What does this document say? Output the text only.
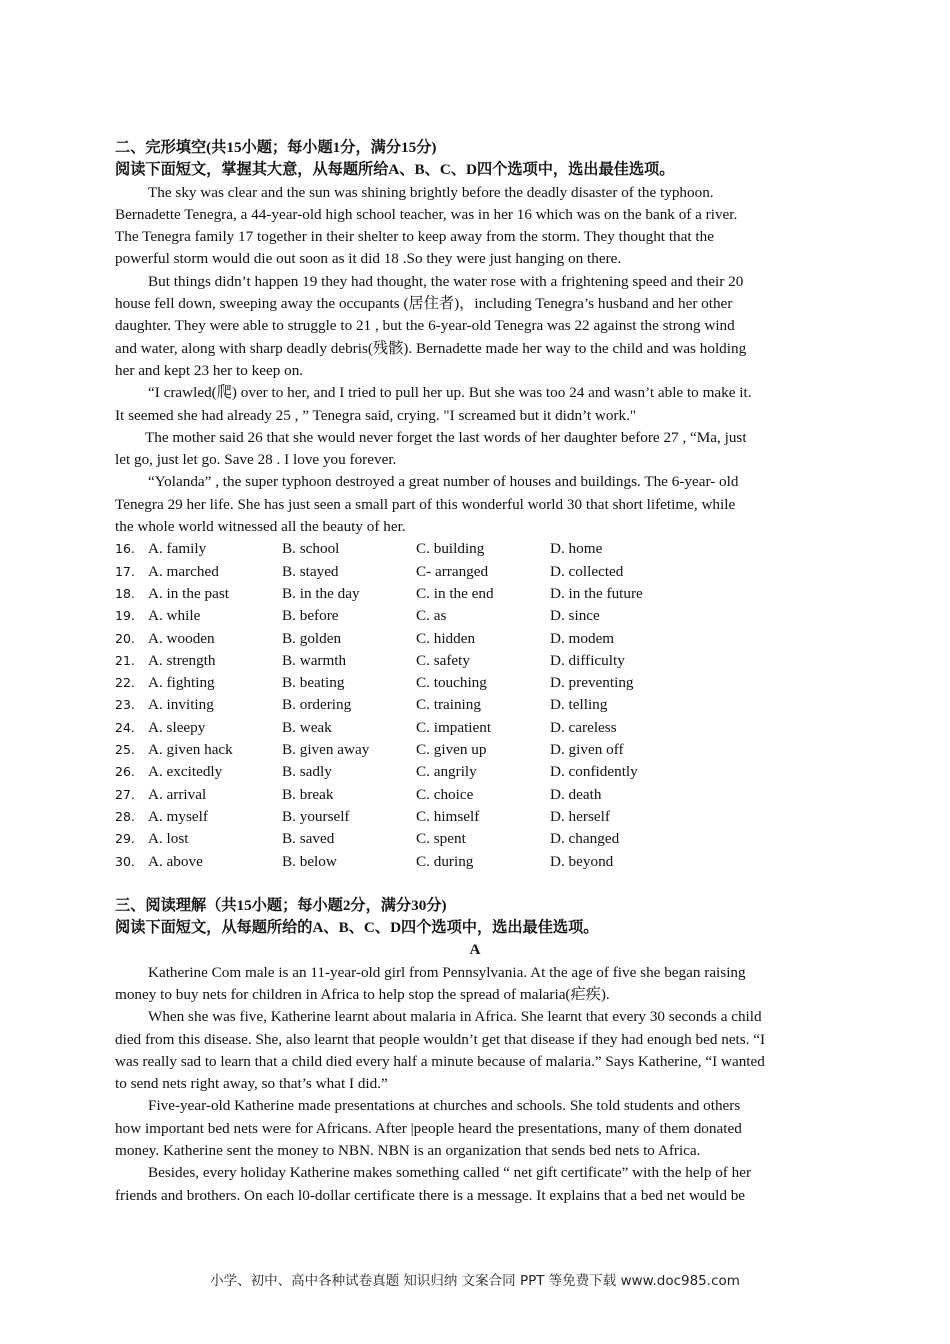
二、完形填空(共15小题；每小题1分，满分15分)
阅读下面短文，掌握其大意，从每题所给A、B、C、D四个选项中，选出最佳选项。
The sky was clear and the sun was shining brightly before the deadly disaster of the typhoon.
Bernadette Tenegra, a 44-year-old high school teacher, was in her 16 which was on the bank of a river.
The Tenegra family 17 together in their shelter to keep away from the storm. They thought that the
powerful storm would die out soon as it did 18 .So they were just hanging on there.
But things didn’t happen 19 they had thought, the water rose with a frightening speed and their 20
house fell down, sweeping away the occupants (居住者)，including Tenegra’s husband and her other
daughter. They were able to struggle to 21 , but the 6-year-old Tenegra was 22 against the strong wind
and water, along with sharp deadly debris(残骸). Bernadette made her way to the child and was holding
her and kept 23 her to keep on.
“I crawled(爬) over to her, and I tried to pull her up. But she was too 24 and wasn’t able to make it.
It seemed she had already 25 , ” Tenegra said, crying. "I screamed but it didn’t work."
The mother said 26 that she would never forget the last words of her daughter before 27 , “Ma, just
let go, just let go. Save 28 . I love you forever.
“Yolanda” , the super typhoon destroyed a great number of houses and buildings. The 6-year- old
Tenegra 29 her life. She has just seen a small part of this wonderful world 30 that short lifetime, while
the whole world witnessed all the beauty of her.
16. A. family	B. school	C. building	D. home
17. A. marched	B. stayed	C- arranged	D. collected
18. A. in the past	B. in the day	C. in the end	D. in the future
19. A. while	B. before	C. as	D. since
20. A. wooden	B. golden	C. hidden	D. modem
21. A. strength	B. warmth	C. safety	D. difficulty
22. A. fighting	B. beating	C. touching	D. preventing
23. A. inviting	B. ordering	C. training	D. telling
24. A. sleepy	B. weak	C. impatient	D. careless
25. A. given hack	B. given away	C. given up	D. given off
26. A. excitedly	B. sadly	C. angrily	D. confidently
27. A. arrival	B. break	C. choice	D. death
28. A. myself	B. yourself	C. himself	D. herself
29. A. lost	B. saved	C. spent	D. changed
30. A. above	B. below	C. during	D. beyond
三、阅读理解（共15小题；每小题2分，满分30分)
阅读下面短文，从每题所给的A、B、C、D四个选项中，选出最佳选项。
A
Katherine Com male is an 11-year-old girl from Pennsylvania. At the age of five she began raising
money to buy nets for children in Africa to help stop the spread of malaria(疟疾).
When she was five, Katherine learnt about malaria in Africa. She learnt that every 30 seconds a child
died from this disease. She, also learnt that people wouldn’t get that disease if they had enough bed nets. “I
was really sad to learn that a child died every half a minute because of malaria.” Says Katherine, “I wanted
to send nets right away, so that’s what I did.”
Five-year-old Katherine made presentations at churches and schools. She told students and others
how important bed nets were for Africans. After |people heard the presentations, many of them donated
money. Katherine sent the money to NBN. NBN is an organization that sends bed nets to Africa.
Besides, every holiday Katherine makes something called “ net gift certificate” with the help of her
friends and brothers. On each l0-dollar certificate there is a message. It explains that a bed net would be
小学、初中、高中各种试卷真题 知识归纳 文案合同 PPT 等免费下载 www.doc985.com
